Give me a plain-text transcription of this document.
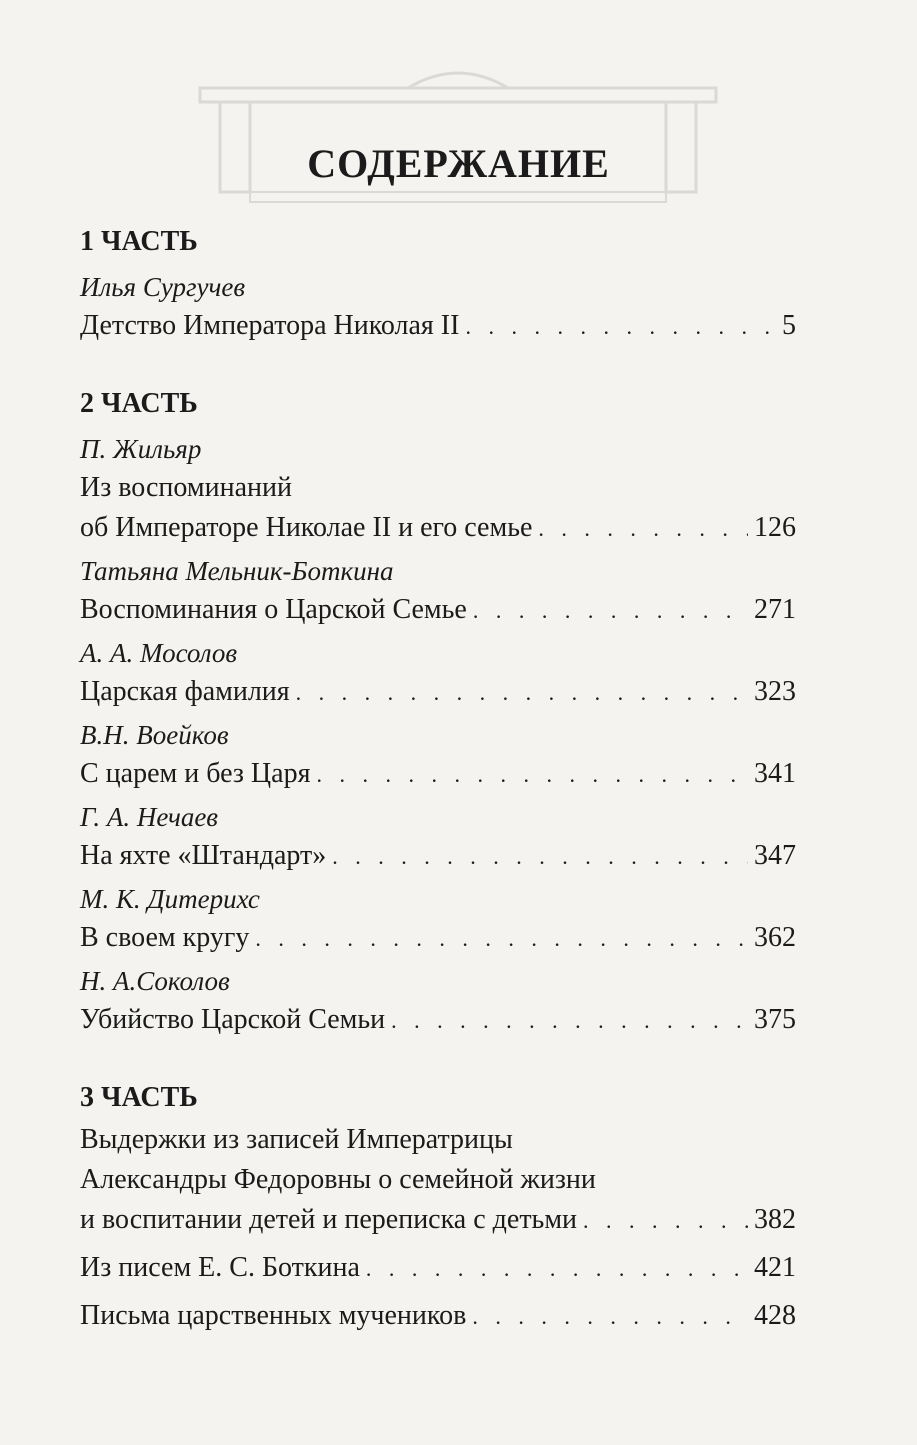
СОДЕРЖАНИЕ
1 ЧАСТЬ
Илья Сургучев
Детство Императора Николая II . . .	5
2 ЧАСТЬ
П. Жильяр
Из воспоминаний
об Императоре Николае II и его семье . . .	126
Татьяна Мельник-Боткина
Воспоминания о Царской Семье . . .	271
А. А. Мосолов
Царская фамилия . . .	323
В.Н. Воейков
С царем и без Царя . . .	341
Г. А. Нечаев
На яхте «Штандарт» . . .	347
М. К. Дитерихс
В своем кругу . . .	362
Н. А.Соколов
Убийство Царской Семьи . . .	375
3 ЧАСТЬ
Выдержки из записей Императрицы
Александры Федоровны о семейной жизни
и воспитании детей и переписка с детьми . . .	382
Из писем Е. С. Боткина . . .	421
Письма царственных мучеников . . .	428
